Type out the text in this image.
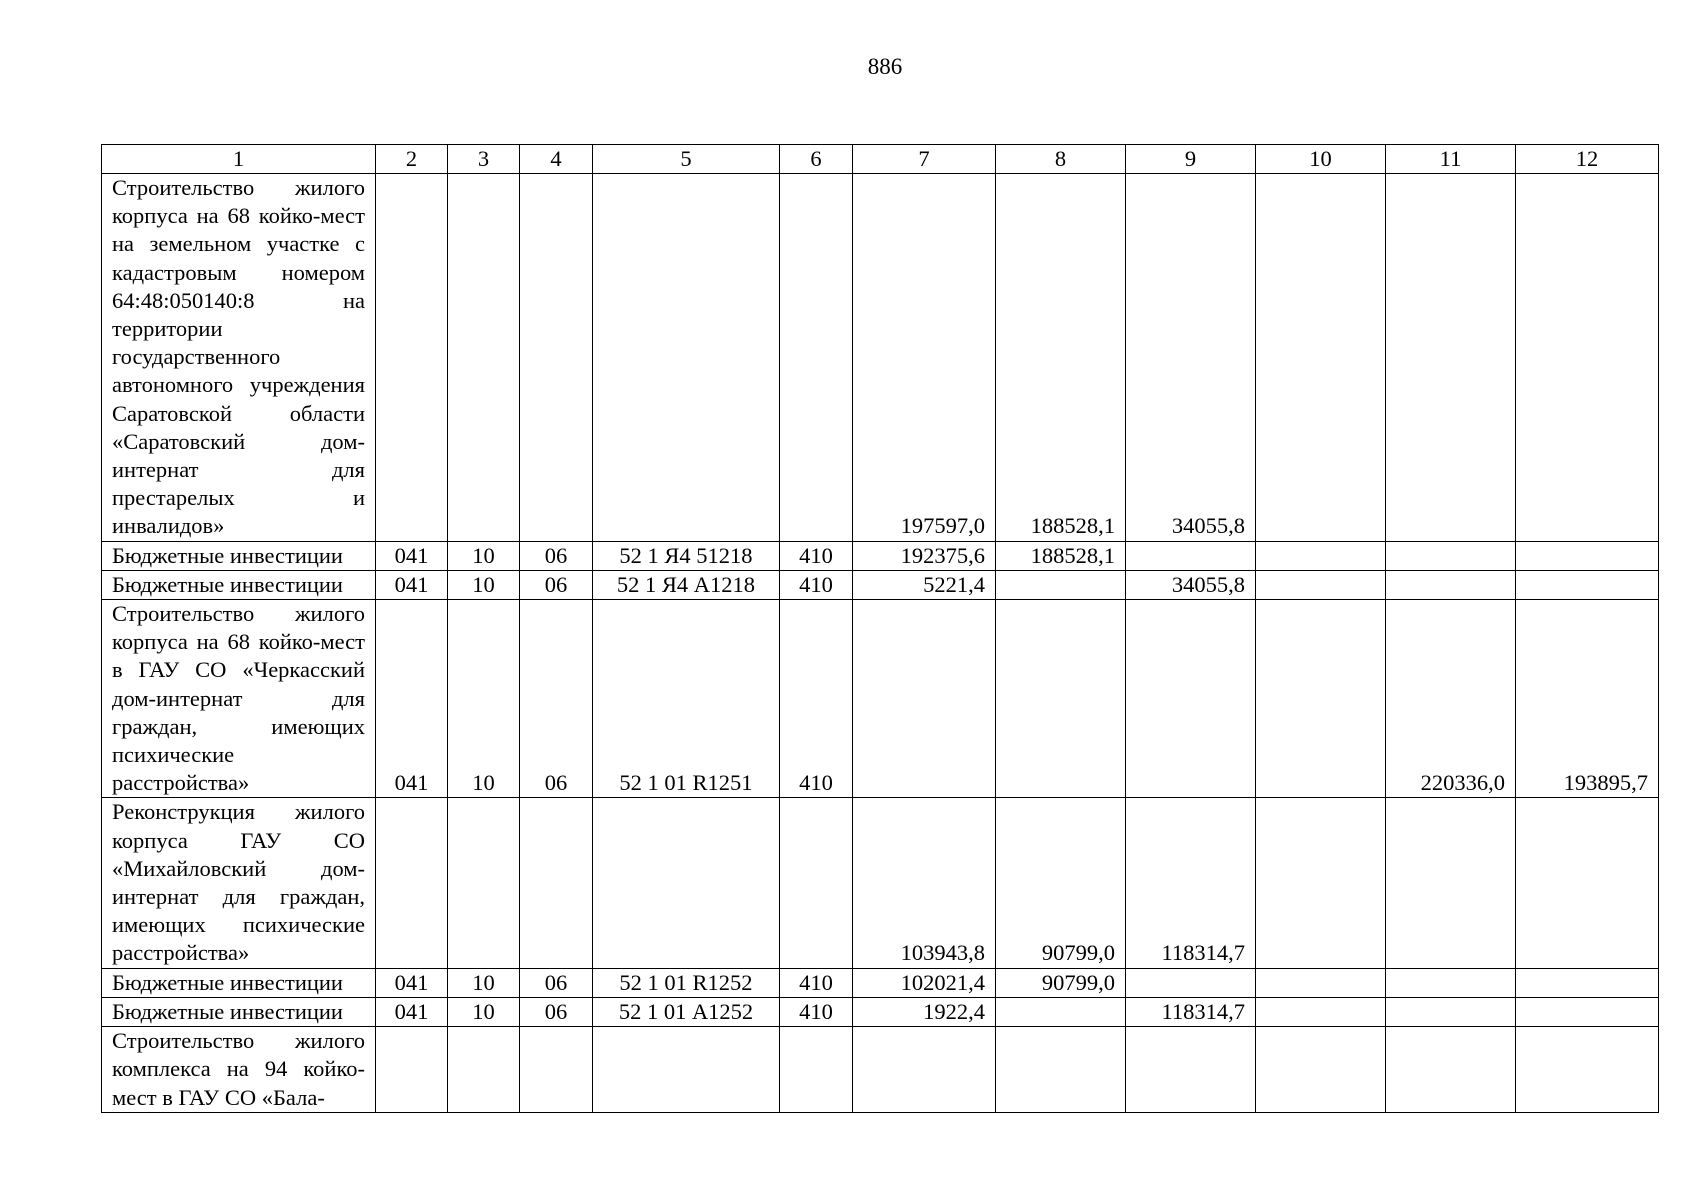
886
1	2	3	4	5	6	7	8	9	10	11	12
Строительство жилого корпуса на 68 койко-мест на земельном участке с кадастровым номером 64:48:050140:8 на территории государственного автономного учреждения Саратовской области «Саратовский дом-интернат для престарелых и инвалидов»						197597,0	188528,1	34055,8			
Бюджетные инвестиции	041	10	06	52 1 Я4 51218	410	192375,6	188528,1				
Бюджетные инвестиции	041	10	06	52 1 Я4 А1218	410	5221,4		34055,8			
Строительство жилого корпуса на 68 койко-мест в ГАУ СО «Черкасский дом-интернат для граждан, имеющих психические расстройства»	041	10	06	52 1 01 R1251	410					220336,0	193895,7
Реконструкция жилого корпуса ГАУ СО «Михайловский дом-интернат для граждан, имеющих психические расстройства»						103943,8	90799,0	118314,7			
Бюджетные инвестиции	041	10	06	52 1 01 R1252	410	102021,4	90799,0				
Бюджетные инвестиции	041	10	06	52 1 01 А1252	410	1922,4		118314,7			
Строительство жилого комплекса на 94 койко-мест в ГАУ СО «Бала-											
